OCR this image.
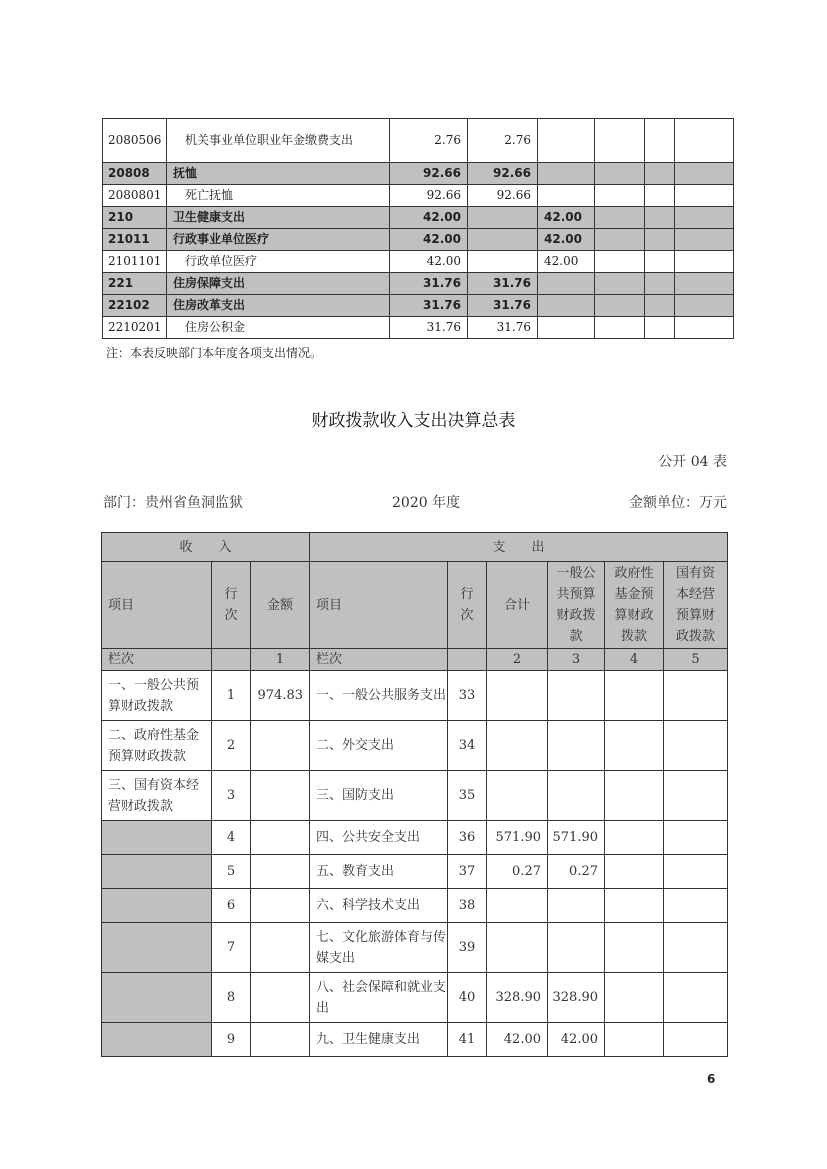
2080506	机关事业单位职业年金缴费支出	2.76	2.76				
20808	抚恤	92.66	92.66				
2080801	死亡抚恤	92.66	92.66				
210	卫生健康支出	42.00		42.00			
21011	行政事业单位医疗	42.00		42.00			
2101101	行政单位医疗	42.00		42.00			
221	住房保障支出	31.76	31.76				
22102	住房改革支出	31.76	31.76				
2210201	住房公积金	31.76	31.76				
注：本表反映部门本年度各项支出情况。
财政拨款收入支出决算总表
公开 04 表
部门：贵州省鱼洞监狱	2020 年度	金额单位：万元
收　　入			支　　出					
项目	行次	金额	项目	行次	合计	一般公共预算财政拨款	政府性基金预算财政拨款	国有资本经营预算财政拨款

栏次		1	栏次		2	3	4	5
一、一般公共预算财政拨款	1	974.83	一、一般公共服务支出	33				
二、政府性基金预算财政拨款	2		二、外交支出	34				
三、国有资本经营财政拨款	3		三、国防支出	35				
	4		四、公共安全支出	36	571.90	571.90		
	5		五、教育支出	37	0.27	0.27		
	6		六、科学技术支出	38				
	7		七、文化旅游体育与传媒支出	39				
	8		八、社会保障和就业支出	40	328.90	328.90		
	9		九、卫生健康支出	41	42.00	42.00		
6
